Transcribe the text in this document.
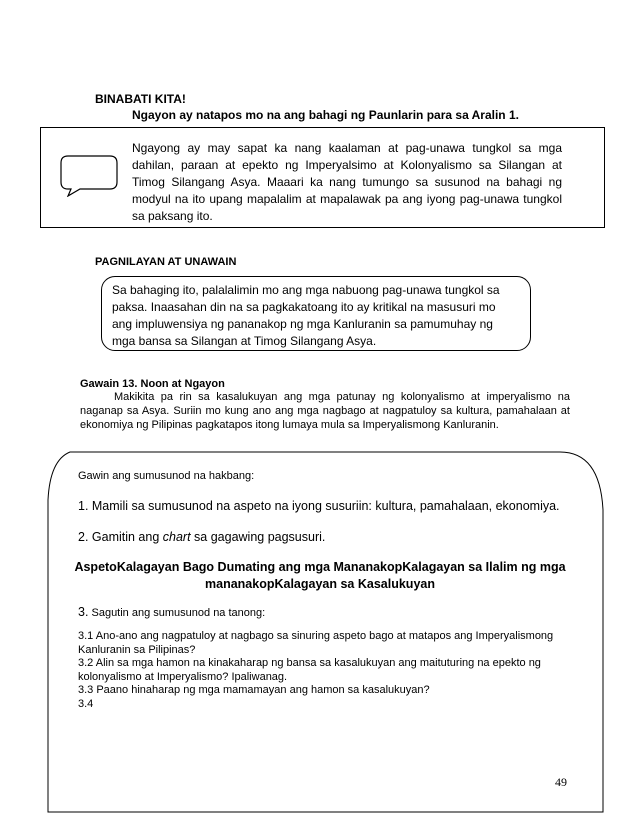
BINABATI KITA!
Ngayon ay natapos mo na ang bahagi ng Paunlarin para sa Aralin 1.
Ngayong ay may sapat ka nang kaalaman at pag-unawa tungkol sa mga dahilan, paraan at epekto ng Imperyalsimo at Kolonyalismo sa Silangan at Timog Silangang Asya. Maaari ka nang tumungo sa susunod na bahagi ng modyul na ito upang mapalalim at mapalawak pa ang iyong pag-unawa tungkol sa paksang ito.
PAGNILAYAN AT UNAWAIN
Sa bahaging ito, palalalimin mo ang mga nabuong pag-unawa tungkol sa paksa. Inaasahan din na sa pagkakatoang ito ay kritikal na masusuri mo ang impluwensiya ng pananakop ng mga Kanluranin sa pamumuhay ng mga bansa sa Silangan at Timog Silangang Asya.
Gawain 13. Noon at Ngayon
Makikita pa rin sa kasalukuyan ang mga patunay ng kolonyalismo at imperyalismo na naganap sa Asya. Suriin mo kung ano ang mga nagbago at nagpatuloy sa kultura, pamahalaan at ekonomiya ng Pilipinas pagkatapos itong lumaya mula sa Imperyalismong Kanluranin.
Gawin ang sumusunod na hakbang:
1. Mamili sa sumusunod na aspeto na iyong susuriin: kultura, pamahalaan, ekonomiya.
2. Gamitin ang chart sa gagawing pagsusuri.
AspetoKalagayan Bago Dumating ang mga MananakopKalagayan sa Ilalim ng mga mananakopKalagayan sa Kasalukuyan
3. Sagutin ang sumusunod na tanong:
3.1 Ano-ano ang nagpatuloy at nagbago sa sinuring aspeto bago at matapos ang Imperyalismong Kanluranin sa Pilipinas?
3.2 Alin sa mga hamon na kinakaharap ng bansa sa kasalukuyan ang maituturing na epekto ng kolonyalismo at Imperyalismo? Ipaliwanag.
3.3 Paano hinaharap ng mga mamamayan ang hamon sa kasalukuyan?
3.4
49
